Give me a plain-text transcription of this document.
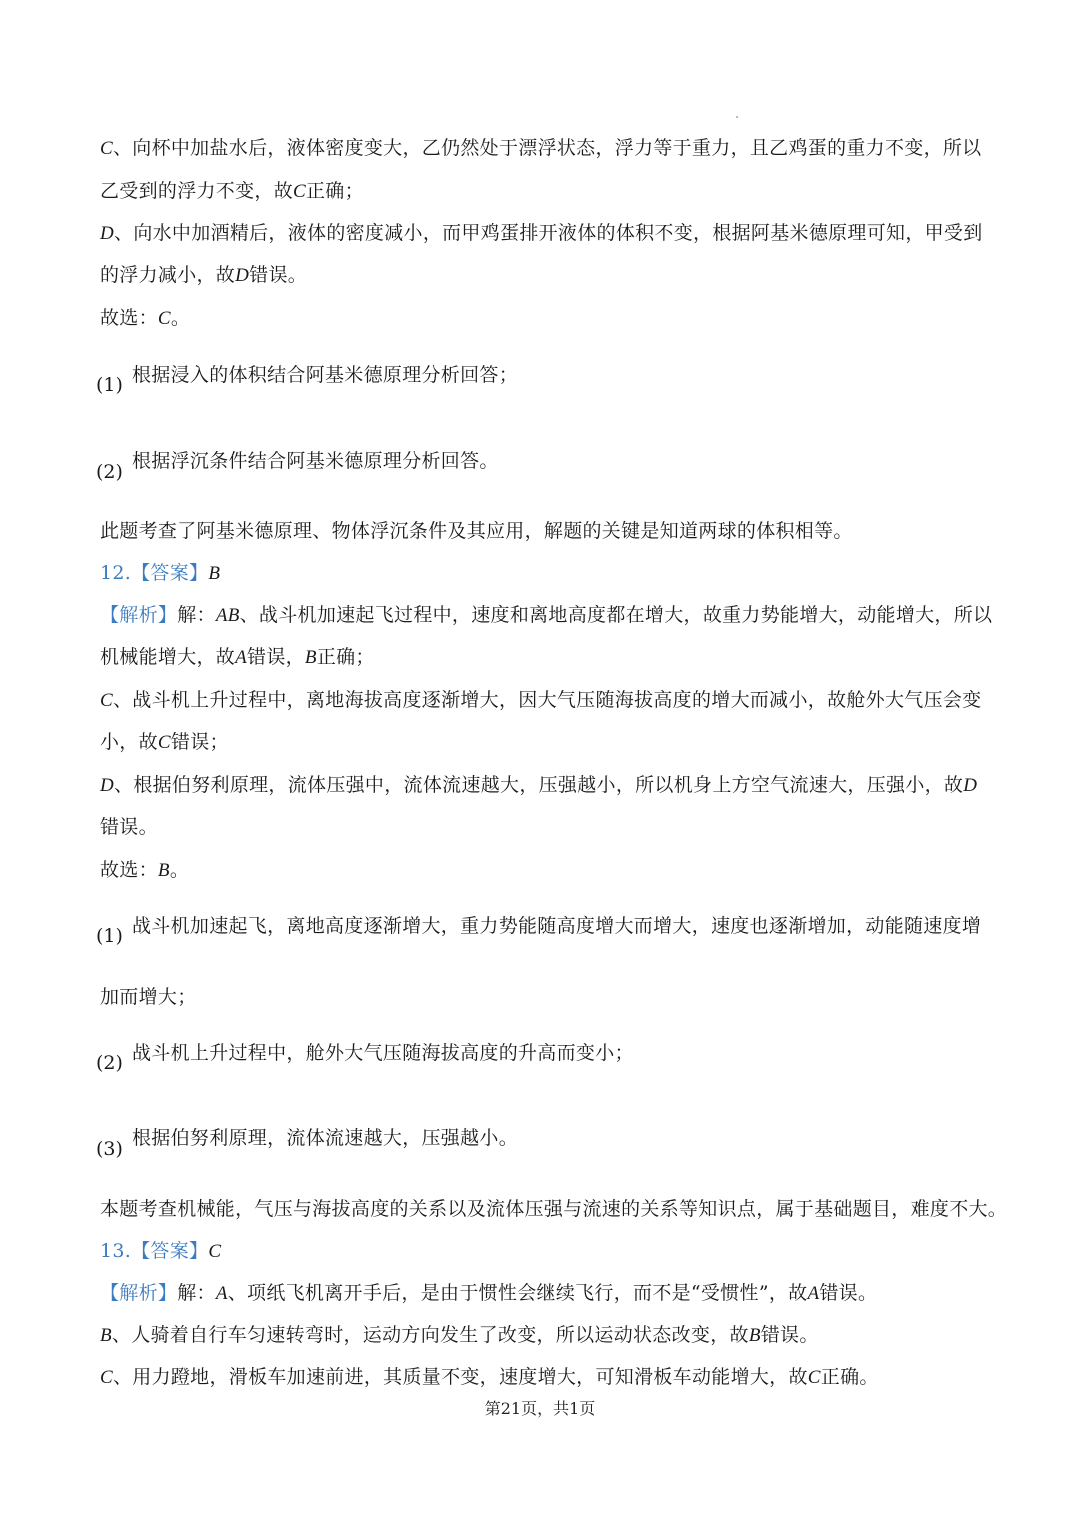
C、向杯中加盐水后，液体密度变大，乙仍然处于漂浮状态，浮力等于重力，且乙鸡蛋的重力不变，所以
乙受到的浮力不变，故C正确；
D、向水中加酒精后，液体的密度减小，而甲鸡蛋排开液体的体积不变，根据阿基米德原理可知，甲受到
的浮力减小，故D错误。
故选：C。
(1) 根据浸入的体积结合阿基米德原理分析回答；
(2) 根据浮沉条件结合阿基米德原理分析回答。
此题考查了阿基米德原理、物体浮沉条件及其应用，解题的关键是知道两球的体积相等。
12.【答案】B
【解析】解：AB、战斗机加速起飞过程中，速度和离地高度都在增大，故重力势能增大，动能增大，所以
机械能增大，故A错误，B正确；
C、战斗机上升过程中，离地海拔高度逐渐增大，因大气压随海拔高度的增大而减小，故舱外大气压会变
小，故C错误；
D、根据伯努利原理，流体压强中，流体流速越大，压强越小，所以机身上方空气流速大，压强小，故D
错误。
故选：B。
(1) 战斗机加速起飞，离地高度逐渐增大，重力势能随高度增大而增大，速度也逐渐增加，动能随速度增
加而增大；
(2) 战斗机上升过程中，舱外大气压随海拔高度的升高而变小；
(3) 根据伯努利原理，流体流速越大，压强越小。
本题考查机械能，气压与海拔高度的关系以及流体压强与流速的关系等知识点，属于基础题目，难度不大。
13.【答案】C
【解析】解：A、项纸飞机离开手后，是由于惯性会继续飞行，而不是“受惯性”，故A错误。
B、人骑着自行车匀速转弯时，运动方向发生了改变，所以运动状态改变，故B错误。
C、用力蹬地，滑板车加速前进，其质量不变，速度增大，可知滑板车动能增大，故C正确。
第21页，共1页
